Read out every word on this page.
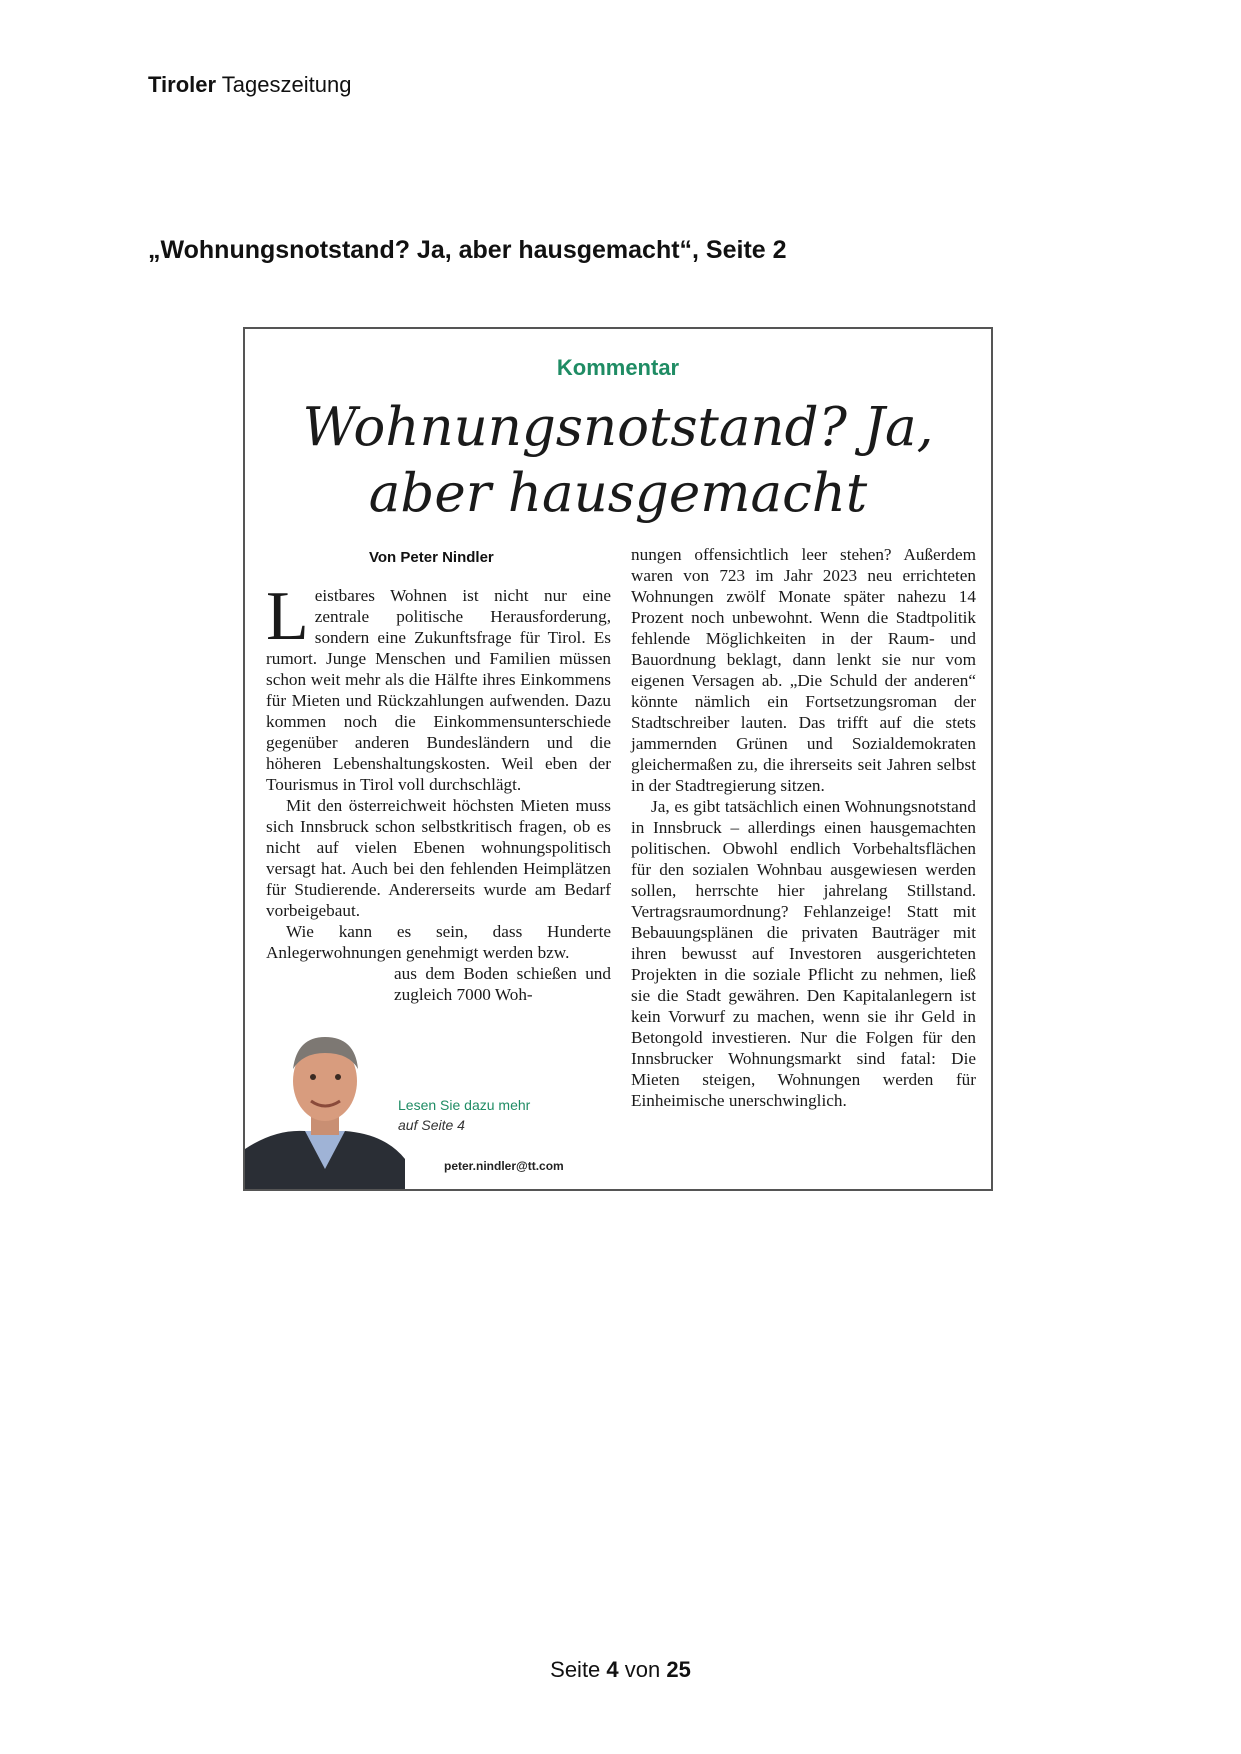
Tiroler Tageszeitung
„Wohnungsnotstand? Ja, aber hausgemacht“, Seite 2
Kommentar
Wohnungsnotstand? Ja,
aber hausgemacht
Von Peter Nindler

Leistbares Wohnen ist nicht nur eine zentrale politische Herausforderung, sondern eine Zukunftsfrage für Tirol. Es rumort. Junge Menschen und Familien müssen schon weit mehr als die Hälfte ihres Einkommens für Mieten und Rückzahlungen aufwenden. Dazu kommen noch die Einkommensunterschiede gegenüber anderen Bundesländern und die höheren Lebenshaltungskosten. Weil eben der Tourismus in Tirol voll durchschlägt.

Mit den österreichweit höchsten Mieten muss sich Innsbruck schon selbstkritisch fragen, ob es nicht auf vielen Ebenen wohnungspolitisch versagt hat. Auch bei den fehlenden Heimplätzen für Studierende. Andererseits wurde am Bedarf vorbeigebaut.

Wie kann es sein, dass Hunderte Anlegerwohnungen genehmigt werden bzw.

aus dem Boden schießen und zugleich 7000 Woh-

Lesen Sie dazu mehr
auf Seite 4
peter.nindler@tt.com

nungen offensichtlich leer stehen? Außerdem waren von 723 im Jahr 2023 neu errichteten Wohnungen zwölf Monate später nahezu 14 Prozent noch unbewohnt. Wenn die Stadtpolitik fehlende Möglichkeiten in der Raum- und Bauordnung beklagt, dann lenkt sie nur vom eigenen Versagen ab. „Die Schuld der anderen“ könnte nämlich ein Fortsetzungsroman der Stadtschreiber lauten. Das trifft auf die stets jammernden Grünen und Sozialdemokraten gleichermaßen zu, die ihrerseits seit Jahren selbst in der Stadtregierung sitzen.

Ja, es gibt tatsächlich einen Wohnungsnotstand in Innsbruck – allerdings einen hausgemachten politischen. Obwohl endlich Vorbehaltsflächen für den sozialen Wohnbau ausgewiesen werden sollen, herrschte hier jahrelang Stillstand. Vertragsraumordnung? Fehlanzeige! Statt mit Bebauungsplänen die privaten Bauträger mit ihren bewusst auf Investoren ausgerichteten Projekten in die soziale Pflicht zu nehmen, ließ sie die Stadt gewähren. Den Kapitalanlegern ist kein Vorwurf zu machen, wenn sie ihr Geld in Betongold investieren. Nur die Folgen für den Innsbrucker Wohnungsmarkt sind fatal: Die Mieten steigen, Wohnungen werden für Einheimische unerschwinglich.

Seite 4 von 25
